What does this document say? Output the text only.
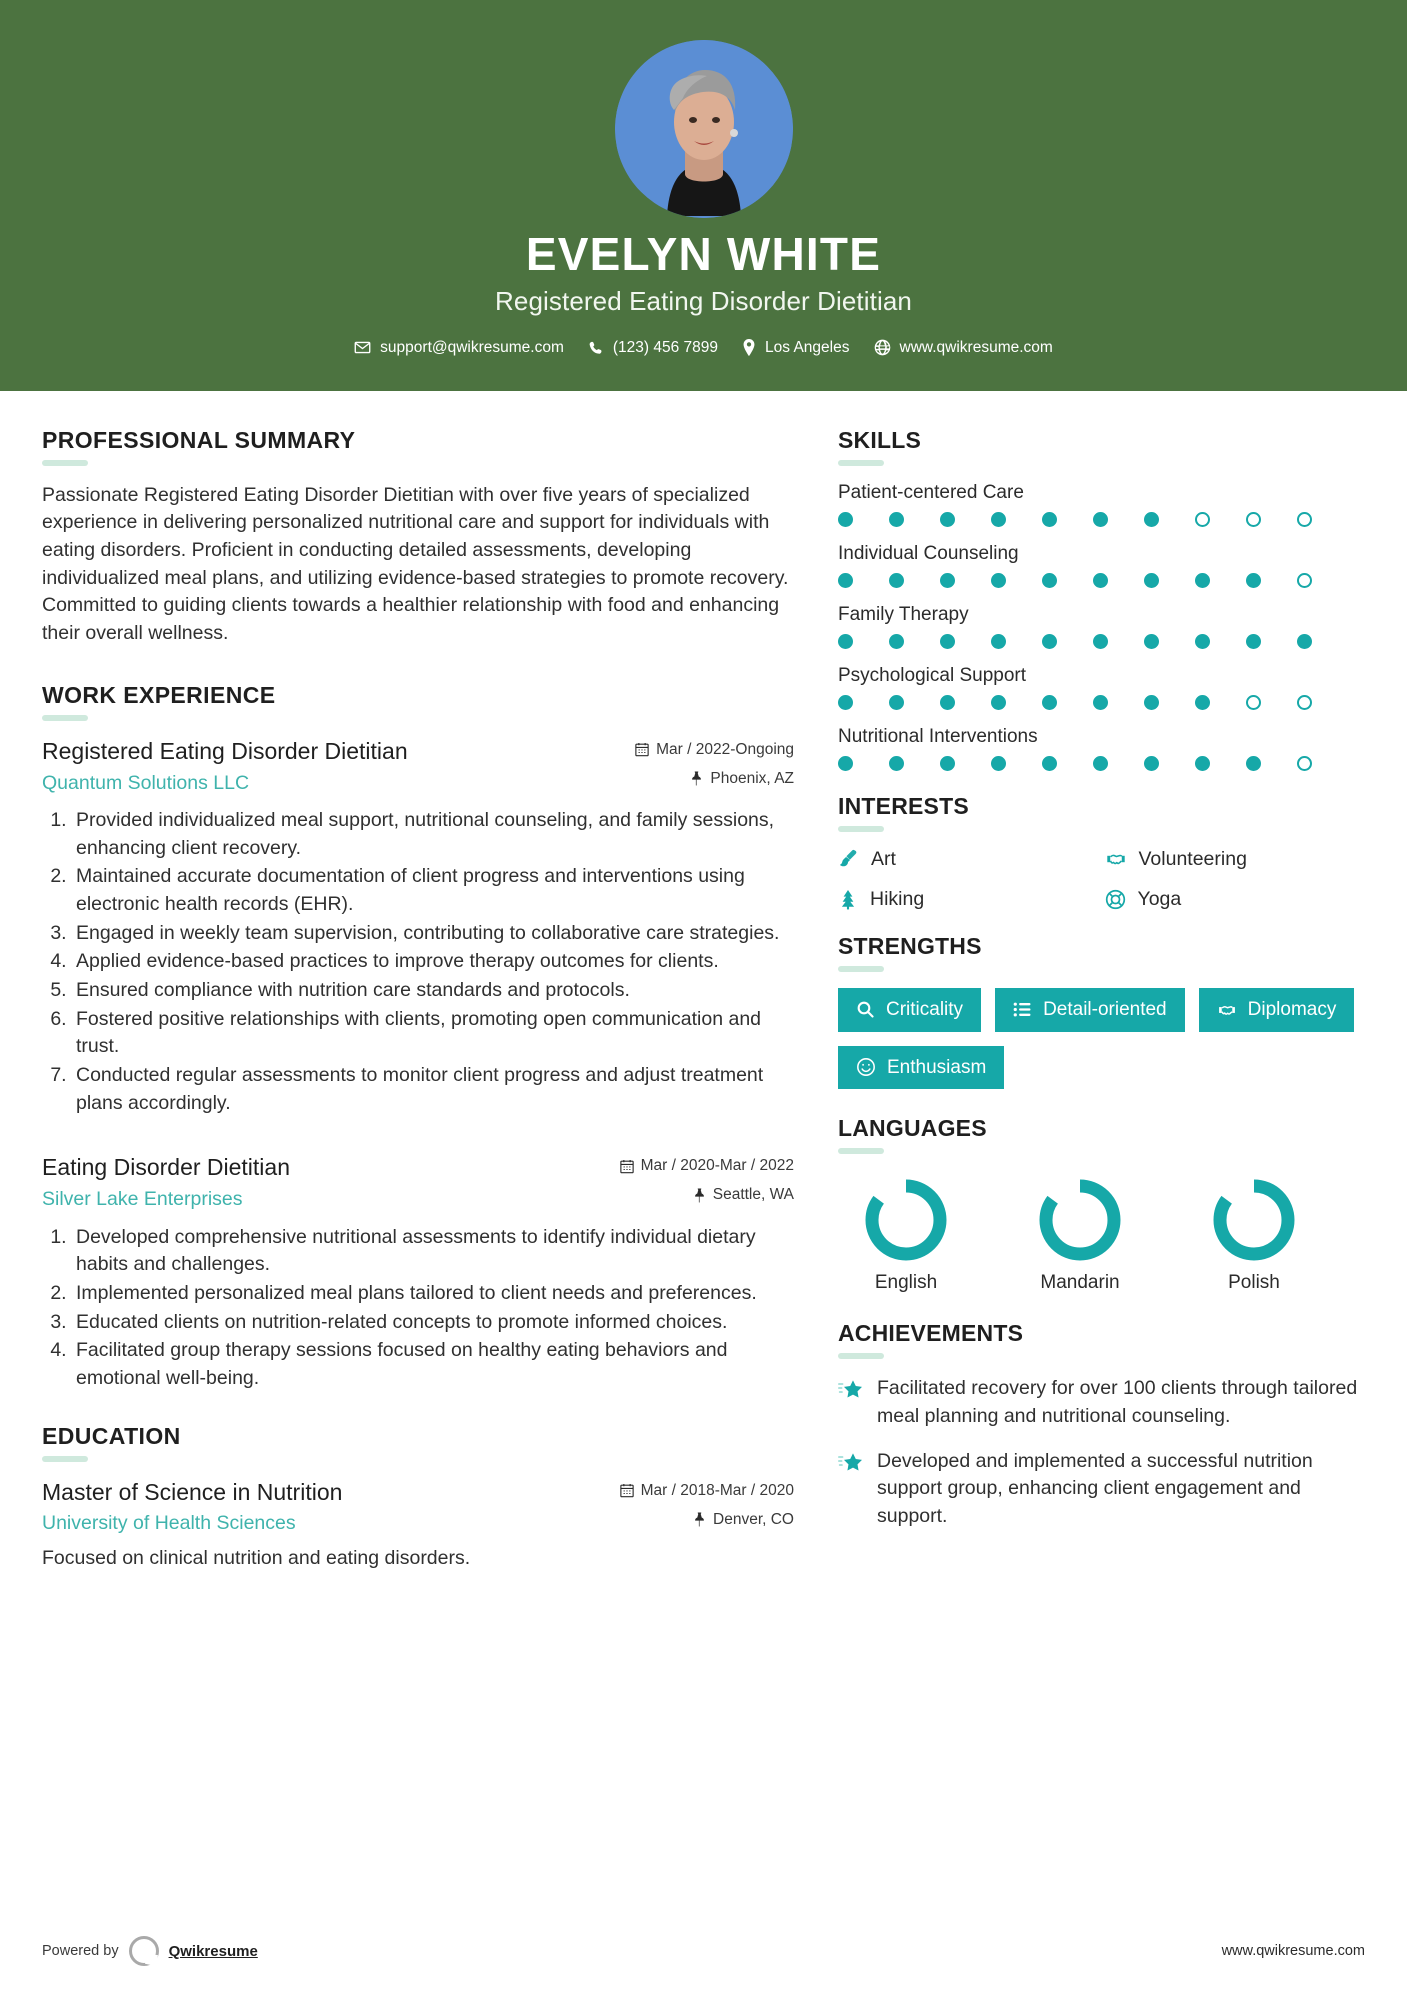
EVELYN WHITE
Registered Eating Disorder Dietitian
support@qwikresume.com	(123) 456 7899	Los Angeles	www.qwikresume.com
PROFESSIONAL SUMMARY
Passionate Registered Eating Disorder Dietitian with over five years of specialized experience in delivering personalized nutritional care and support for individuals with eating disorders. Proficient in conducting detailed assessments, developing individualized meal plans, and utilizing evidence-based strategies to promote recovery. Committed to guiding clients towards a healthier relationship with food and enhancing their overall wellness.
WORK EXPERIENCE
Registered Eating Disorder Dietitian
Quantum Solutions LLC
Mar / 2022-Ongoing
Phoenix, AZ
1. Provided individualized meal support, nutritional counseling, and family sessions, enhancing client recovery.
2. Maintained accurate documentation of client progress and interventions using electronic health records (EHR).
3. Engaged in weekly team supervision, contributing to collaborative care strategies.
4. Applied evidence-based practices to improve therapy outcomes for clients.
5. Ensured compliance with nutrition care standards and protocols.
6. Fostered positive relationships with clients, promoting open communication and trust.
7. Conducted regular assessments to monitor client progress and adjust treatment plans accordingly.
Eating Disorder Dietitian
Silver Lake Enterprises
Mar / 2020-Mar / 2022
Seattle, WA
1. Developed comprehensive nutritional assessments to identify individual dietary habits and challenges.
2. Implemented personalized meal plans tailored to client needs and preferences.
3. Educated clients on nutrition-related concepts to promote informed choices.
4. Facilitated group therapy sessions focused on healthy eating behaviors and emotional well-being.
EDUCATION
Master of Science in Nutrition
University of Health Sciences
Mar / 2018-Mar / 2020
Denver, CO
Focused on clinical nutrition and eating disorders.
SKILLS
Patient-centered Care
Individual Counseling
Family Therapy
Psychological Support
Nutritional Interventions
INTERESTS
Art	Volunteering
Hiking	Yoga
STRENGTHS
Criticality	Detail-oriented	Diplomacy
Enthusiasm
LANGUAGES
English	Mandarin	Polish
ACHIEVEMENTS
Facilitated recovery for over 100 clients through tailored meal planning and nutritional counseling.
Developed and implemented a successful nutrition support group, enhancing client engagement and support.
Powered by	Qwikresume	www.qwikresume.com
